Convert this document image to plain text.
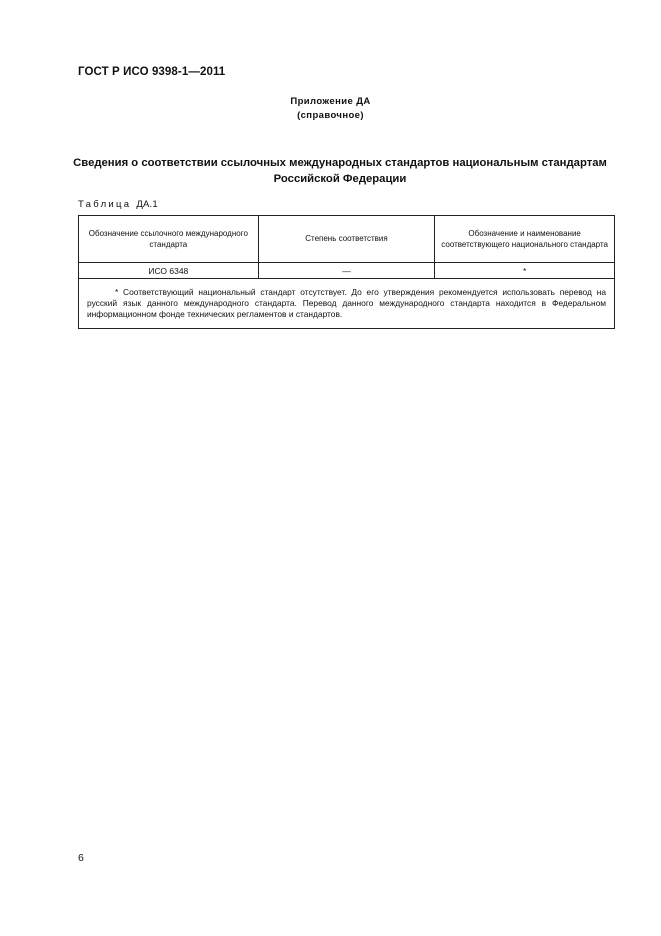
ГОСТ Р ИСО 9398-1—2011
Приложение ДА
(справочное)
Сведения о соответствии ссылочных международных стандартов национальным стандартам
Российской Федерации
Таблица ДА.1
Обозначение ссылочного международного стандарта	Степень соответствия	Обозначение и наименование соответствующего национального стандарта
ИСО 6348	—	*
* Соответствующий национальный стандарт отсутствует. До его утверждения рекомендуется использовать перевод на русский язык данного международного стандарта. Перевод данного международного стандарта находится в Федеральном информационном фонде технических регламентов и стандартов.		
6
